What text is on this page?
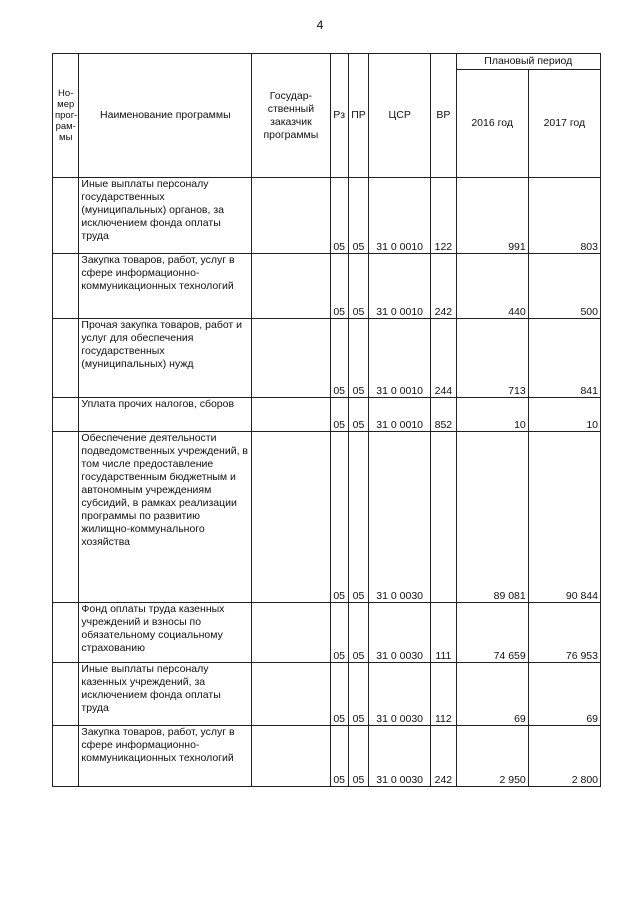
4
Но-
мер
прог-
рам-
мы	Наименование программы	Государ-
ственный
заказчик
программы	Рз	ПР	ЦСР	ВР	Плановый период	
							2016 год	2017 год
	Иные выплаты персоналу государственных (муниципальных) органов, за исключением фонда оплаты труда		05	05	31 0 0010	122	991	803
	Закупка товаров, работ, услуг в сфере информационно-коммуникационных технологий		05	05	31 0 0010	242	440	500
	Прочая закупка товаров, работ и услуг для обеспечения государственных (муниципальных) нужд		05	05	31 0 0010	244	713	841
	Уплата прочих налогов, сборов		05	05	31 0 0010	852	10	10
	Обеспечение деятельности подведомственных учреждений, в том числе предоставление государственным бюджетным и автономным учреждениям субсидий, в рамках реализации программы по развитию жилищно-коммунального хозяйства		05	05	31 0 0030		89 081	90 844
	Фонд оплаты труда казенных учреждений и взносы по обязательному социальному страхованию		05	05	31 0 0030	111	74 659	76 953
	Иные выплаты персоналу казенных учреждений, за исключением фонда оплаты труда		05	05	31 0 0030	112	69	69
	Закупка товаров, работ, услуг в сфере информационно-коммуникационных технологий		05	05	31 0 0030	242	2 950	2 800
